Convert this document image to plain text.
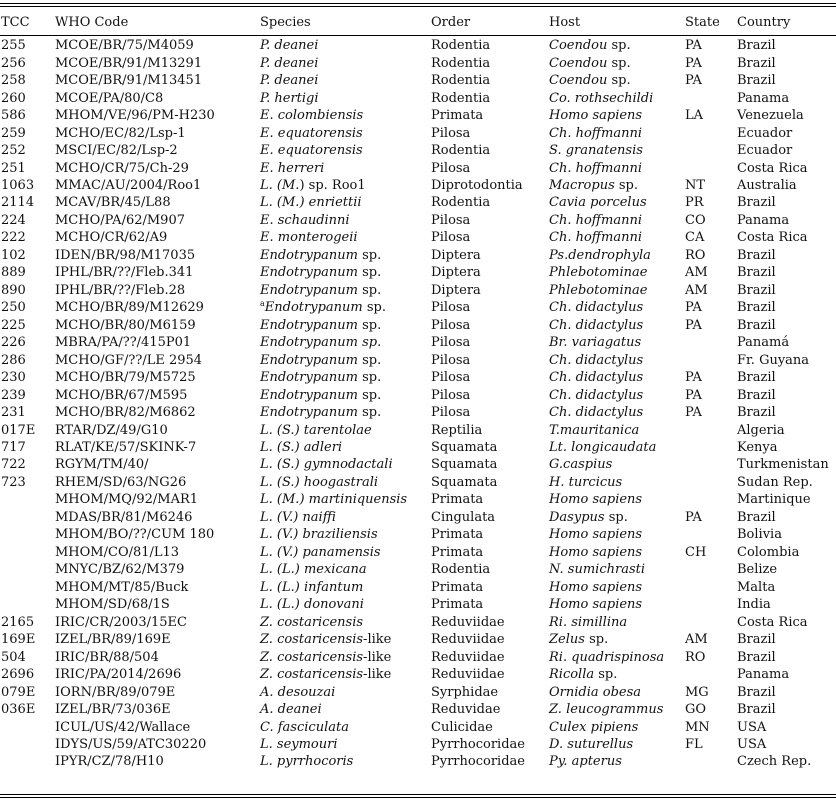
TCC	WHO Code	Species	Order	Host	State	Country

255	MCOE/BR/75/M4059	P. deanei	Rodentia	Coendou sp.	PA	Brazil
256	MCOE/BR/91/M13291	P. deanei	Rodentia	Coendou sp.	PA	Brazil
258	MCOE/BR/91/M13451	P. deanei	Rodentia	Coendou sp.	PA	Brazil
260	MCOE/PA/80/C8	P. hertigi	Rodentia	Co. rothsechildi		Panama
586	MHOM/VE/96/PM-H230	E. colombiensis	Primata	Homo sapiens	LA	Venezuela
259	MCHO/EC/82/Lsp-1	E. equatorensis	Pilosa	Ch. hoffmanni		Ecuador
252	MSCI/EC/82/Lsp-2	E. equatorensis	Rodentia	S. granatensis		Ecuador
251	MCHO/CR/75/Ch-29	E. herreri	Pilosa	Ch. hoffmanni		Costa Rica
1063	MMAC/AU/2004/Roo1	L. (M.) sp. Roo1	Diprotodontia	Macropus sp.	NT	Australia
2114	MCAV/BR/45/L88	L. (M.) enriettii	Rodentia	Cavia porcelus	PR	Brazil
224	MCHO/PA/62/M907	E. schaudinni	Pilosa	Ch. hoffmanni	CO	Panama
222	MCHO/CR/62/A9	E. monterogeii	Pilosa	Ch. hoffmanni	CA	Costa Rica
102	IDEN/BR/98/M17035	Endotrypanum sp.	Diptera	Ps.dendrophyla	RO	Brazil
889	IPHL/BR/??/Fleb.341	Endotrypanum sp.	Diptera	Phlebotominae	AM	Brazil
890	IPHL/BR/??/Fleb.28	Endotrypanum sp.	Diptera	Phlebotominae	AM	Brazil
250	MCHO/BR/89/M12629	$^a$Endotrypanum sp.	Pilosa	Ch. didactylus	PA	Brazil
225	MCHO/BR/80/M6159	Endotrypanum sp.	Pilosa	Ch. didactylus	PA	Brazil
226	MBRA/PA/??/415P01	Endotrypanum sp.	Pilosa	Br. variagatus		Panamá
286	MCHO/GF/??/LE 2954	Endotrypanum sp.	Pilosa	Ch. didactylus		Fr. Guyana
230	MCHO/BR/79/M5725	Endotrypanum sp.	Pilosa	Ch. didactylus	PA	Brazil
239	MCHO/BR/67/M595	Endotrypanum sp.	Pilosa	Ch. didactylus	PA	Brazil
231	MCHO/BR/82/M6862	Endotrypanum sp.	Pilosa	Ch. didactylus	PA	Brazil
017E	RTAR/DZ/49/G10	L. (S.) tarentolae	Reptilia	T.mauritanica		Algeria
717	RLAT/KE/57/SKINK-7	L. (S.) adleri	Squamata	Lt. longicaudata		Kenya
722	RGYM/TM/40/	L. (S.) gymnodactali	Squamata	G.caspius		Turkmenistan
723	RHEM/SD/63/NG26	L. (S.) hoogastrali	Squamata	H. turcicus		Sudan Rep.
	MHOM/MQ/92/MAR1	L. (M.) martiniquensis	Primata	Homo sapiens		Martinique
	MDAS/BR/81/M6246	L. (V.) naiffi	Cingulata	Dasypus sp.	PA	Brazil
	MHOM/BO/??/CUM 180	L. (V.) braziliensis	Primata	Homo sapiens		Bolivia
	MHOM/CO/81/L13	L. (V.) panamensis	Primata	Homo sapiens	CH	Colombia
	MNYC/BZ/62/M379	L. (L.) mexicana	Rodentia	N. sumichrasti		Belize
	MHOM/MT/85/Buck	L. (L.) infantum	Primata	Homo sapiens		Malta
	MHOM/SD/68/1S	L. (L.) donovani	Primata	Homo sapiens		India
2165	IRIC/CR/2003/15EC	Z. costaricensis	Reduviidae	Ri. simillina		Costa Rica
169E	IZEL/BR/89/169E	Z. costaricensis-like	Reduviidae	Zelus sp.	AM	Brazil
504	IRIC/BR/88/504	Z. costaricensis-like	Reduviidae	Ri. quadrispinosa	RO	Brazil
2696	IRIC/PA/2014/2696	Z. costaricensis-like	Reduviidae	Ricolla sp.		Panama
079E	IORN/BR/89/079E	A. desouzai	Syrphidae	Ornidia obesa	MG	Brazil
036E	IZEL/BR/73/036E	A. deanei	Reduvidae	Z. leucogrammus	GO	Brazil
	ICUL/US/42/Wallace	C. fasciculata	Culicidae	Culex pipiens	MN	USA
	IDYS/US/59/ATC30220	L. seymouri	Pyrrhocoridae	D. suturellus	FL	USA
	IPYR/CZ/78/H10	L. pyrrhocoris	Pyrrhocoridae	Py. apterus		Czech Rep.
